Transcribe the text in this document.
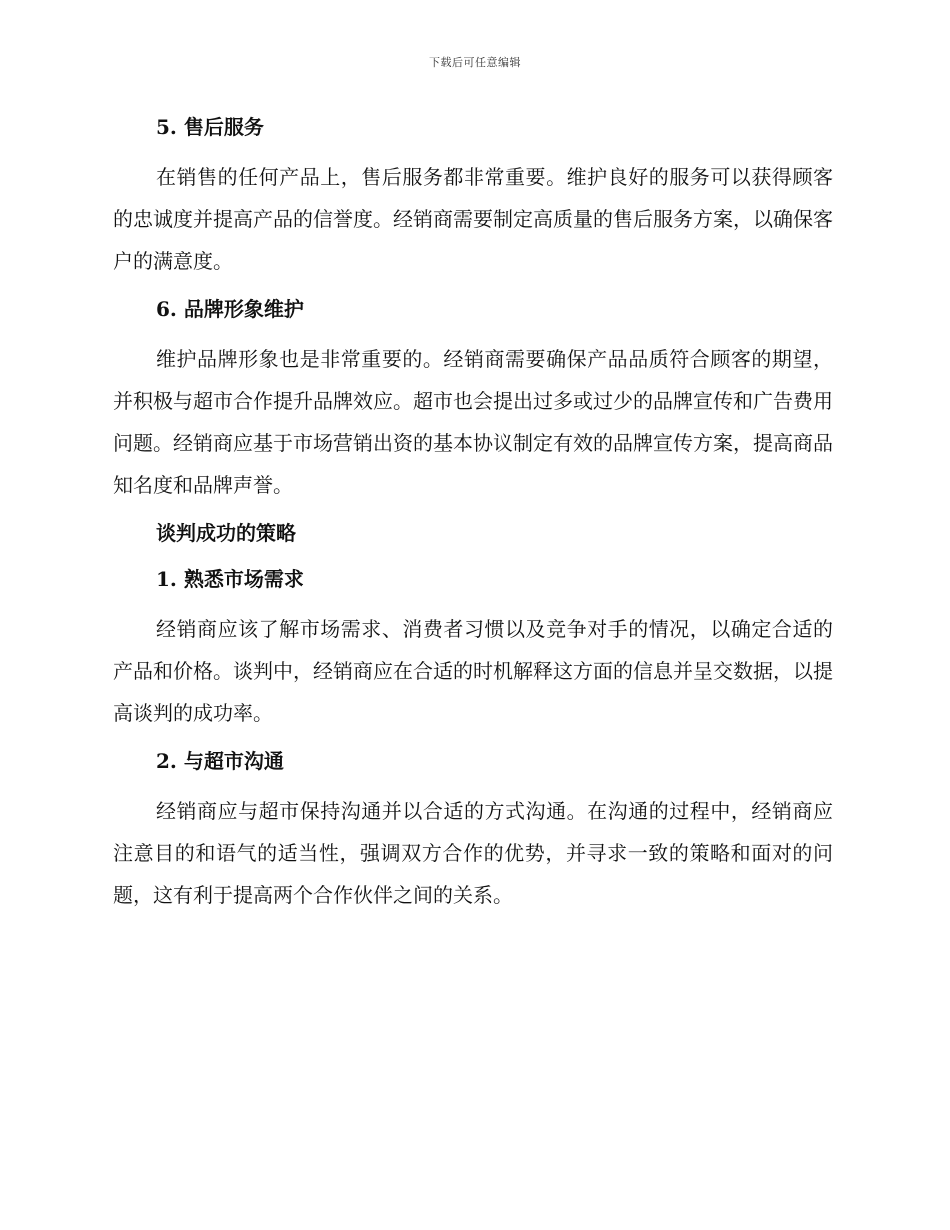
下载后可任意编辑
5. 售后服务

在销售的任何产品上，售后服务都非常重要。维护良好的服务可以获得顾客的忠诚度并提高产品的信誉度。经销商需要制定高质量的售后服务方案，以确保客户的满意度。

6. 品牌形象维护

维护品牌形象也是非常重要的。经销商需要确保产品品质符合顾客的期望，并积极与超市合作提升品牌效应。超市也会提出过多或过少的品牌宣传和广告费用问题。经销商应基于市场营销出资的基本协议制定有效的品牌宣传方案，提高商品知名度和品牌声誉。

谈判成功的策略
1. 熟悉市场需求

经销商应该了解市场需求、消费者习惯以及竞争对手的情况，以确定合适的产品和价格。谈判中，经销商应在合适的时机解释这方面的信息并呈交数据，以提高谈判的成功率。

2. 与超市沟通

经销商应与超市保持沟通并以合适的方式沟通。在沟通的过程中，经销商应注意目的和语气的适当性，强调双方合作的优势，并寻求一致的策略和面对的问题，这有利于提高两个合作伙伴之间的关系。
